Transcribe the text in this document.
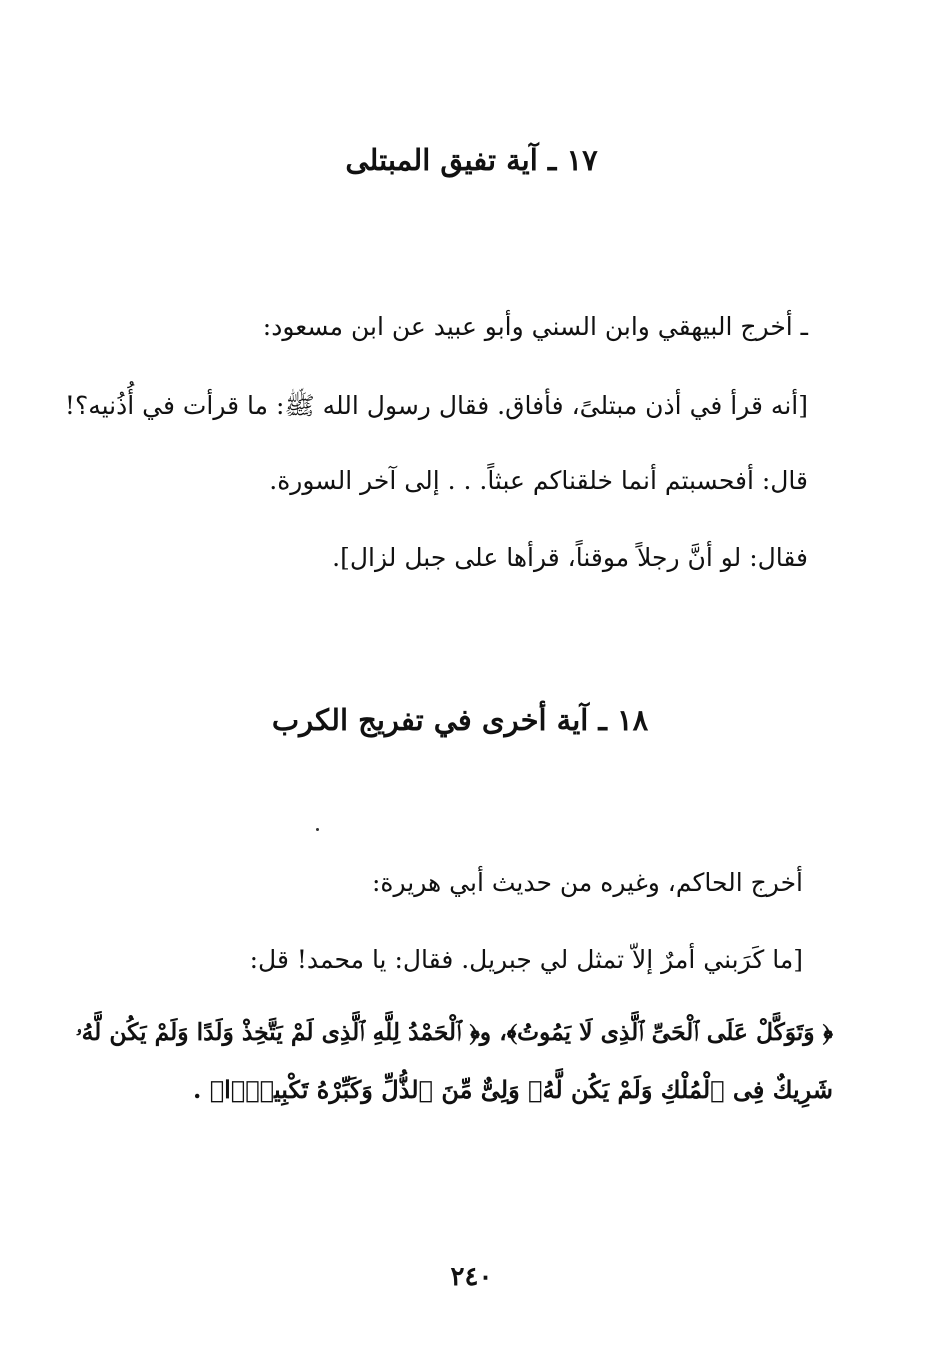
١٧ ـ آية تفيق المبتلى
ـ أخرج البيهقي وابن السني وأبو عبيد عن ابن مسعود:
[أنه قرأ في أذن مبتلىً، فأفاق. فقال رسول الله ﷺ: ما قرأت في أُذُنيه؟!
قال: أفحسبتم أنما خلقناكم عبثاً. . . إلى آخر السورة.
فقال: لو أنَّ رجلاً موقناً، قرأها على جبل لزال].
١٨ ـ آية أخرى في تفريج الكرب
أخرج الحاكم، وغيره من حديث أبي هريرة:
[ما كَرَبني أمرٌ إلاّ تمثل لي جبريل. فقال: يا محمد! قل:
﴿ وَتَوَكَّلْ عَلَى ٱلْحَىِّ ٱلَّذِى لَا يَمُوتُ﴾، و﴿ ٱلْحَمْدُ لِلَّهِ ٱلَّذِى لَمْ يَتَّخِذْ وَلَدًا وَلَمْ يَكُن لَّهُۥ
شَرِيكٌ فِى ٱلْمُلْكِ وَلَمْ يَكُن لَّهُۥ وَلِىٌّ مِّنَ ٱلذُّلِّ وَكَبِّرْهُ تَكْبِيرًۢا﴾ .
٢٤٠
